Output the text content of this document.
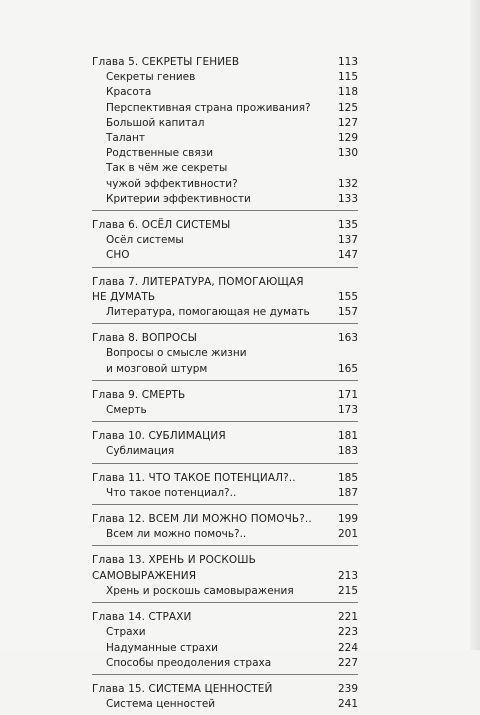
Глава 5. СЕКРЕТЫ ГЕНИЕВ	113
Секреты гениев	115
Красота	118
Перспективная страна проживания?	125
Большой капитал	127
Талант	129
Родственные связи	130
Так в чём же секреты
чужой эффективности?	132
Критерии эффективности	133
Глава 6. ОСЁЛ СИСТЕМЫ	135
Осёл системы	137
СНО	147
Глава 7. ЛИТЕРАТУРА, ПОМОГАЮЩАЯ
НЕ ДУМАТЬ	155
Литература, помогающая не думать	157
Глава 8. ВОПРОСЫ	163
Вопросы о смысле жизни
и мозговой штурм	165
Глава 9. СМЕРТЬ	171
Смерть	173
Глава 10. СУБЛИМАЦИЯ	181
Сублимация	183
Глава 11. ЧТО ТАКОЕ ПОТЕНЦИАЛ?..	185
Что такое потенциал?..	187
Глава 12. ВСЕМ ЛИ МОЖНО ПОМОЧЬ?..	199
Всем ли можно помочь?..	201
Глава 13. ХРЕНЬ И РОСКОШЬ
САМОВЫРАЖЕНИЯ	213
Хрень и роскошь самовыражения	215
Глава 14. СТРАХИ	221
Страхи	223
Надуманные страхи	224
Способы преодоления страха	227
Глава 15. СИСТЕМА ЦЕННОСТЕЙ	239
Система ценностей	241
